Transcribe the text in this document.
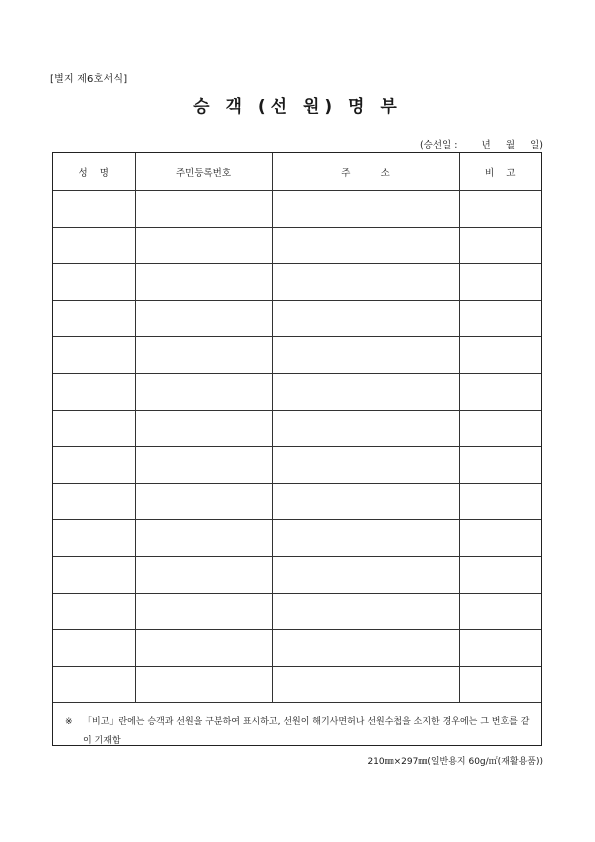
[별지 제6호서식]
승 객 (선 원) 명 부
(승선일 :        년     월     일)
성    명	주민등록번호	주          소	비    고

※	「비고」란에는 승객과 선원을 구분하여 표시하고, 선원이 해기사면허나 선원수첩을 소지한 경우에는 그 번호를 같이 기재함
210㎜×297㎜(일반용지 60g/㎡(재활용품))
